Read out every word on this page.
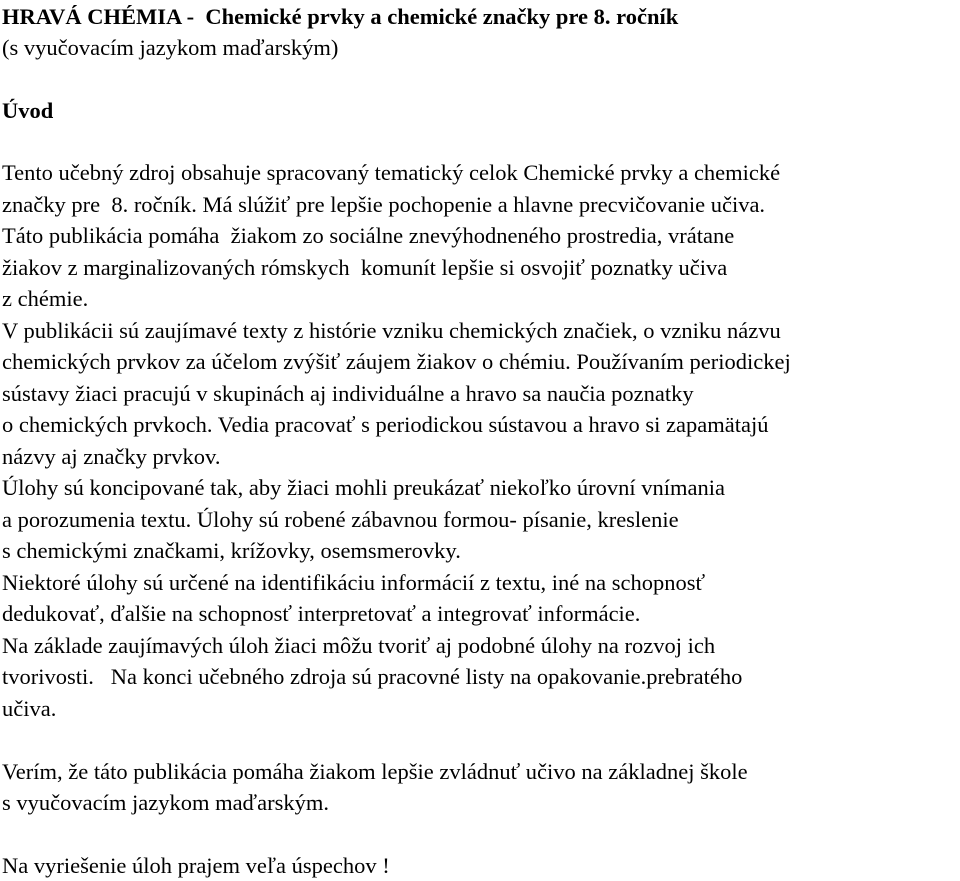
HRAVÁ CHÉMIA -  Chemické prvky a chemické značky pre 8. ročník
(s vyučovacím jazykom maďarským)
Úvod
Tento učebný zdroj obsahuje spracovaný tematický celok Chemické prvky a chemické
značky pre  8. ročník. Má slúžiť pre lepšie pochopenie a hlavne precvičovanie učiva.
Táto publikácia pomáha  žiakom zo sociálne znevýhodneného prostredia, vrátane
žiakov z marginalizovaných rómskych  komunít lepšie si osvojiť poznatky učiva
z chémie.
V publikácii sú zaujímavé texty z histórie vzniku chemických značiek, o vzniku názvu
chemických prvkov za účelom zvýšiť záujem žiakov o chémiu. Používaním periodickej
sústavy žiaci pracujú v skupinách aj individuálne a hravo sa naučia poznatky
o chemických prvkoch. Vedia pracovať s periodickou sústavou a hravo si zapamätajú
názvy aj značky prvkov.
Úlohy sú koncipované tak, aby žiaci mohli preukázať niekoľko úrovní vnímania
a porozumenia textu. Úlohy sú robené zábavnou formou- písanie, kreslenie
s chemickými značkami, krížovky, osemsmerovky.
Niektoré úlohy sú určené na identifikáciu informácií z textu, iné na schopnosť
dedukovať, ďalšie na schopnosť interpretovať a integrovať informácie.
Na základe zaujímavých úloh žiaci môžu tvoriť aj podobné úlohy na rozvoj ich
tvorivosti.   Na konci učebného zdroja sú pracovné listy na opakovanie.prebratého
učiva.
Verím, že táto publikácia pomáha žiakom lepšie zvládnuť učivo na základnej škole
s vyučovacím jazykom maďarským.
Na vyriešenie úloh prajem veľa úspechov !
